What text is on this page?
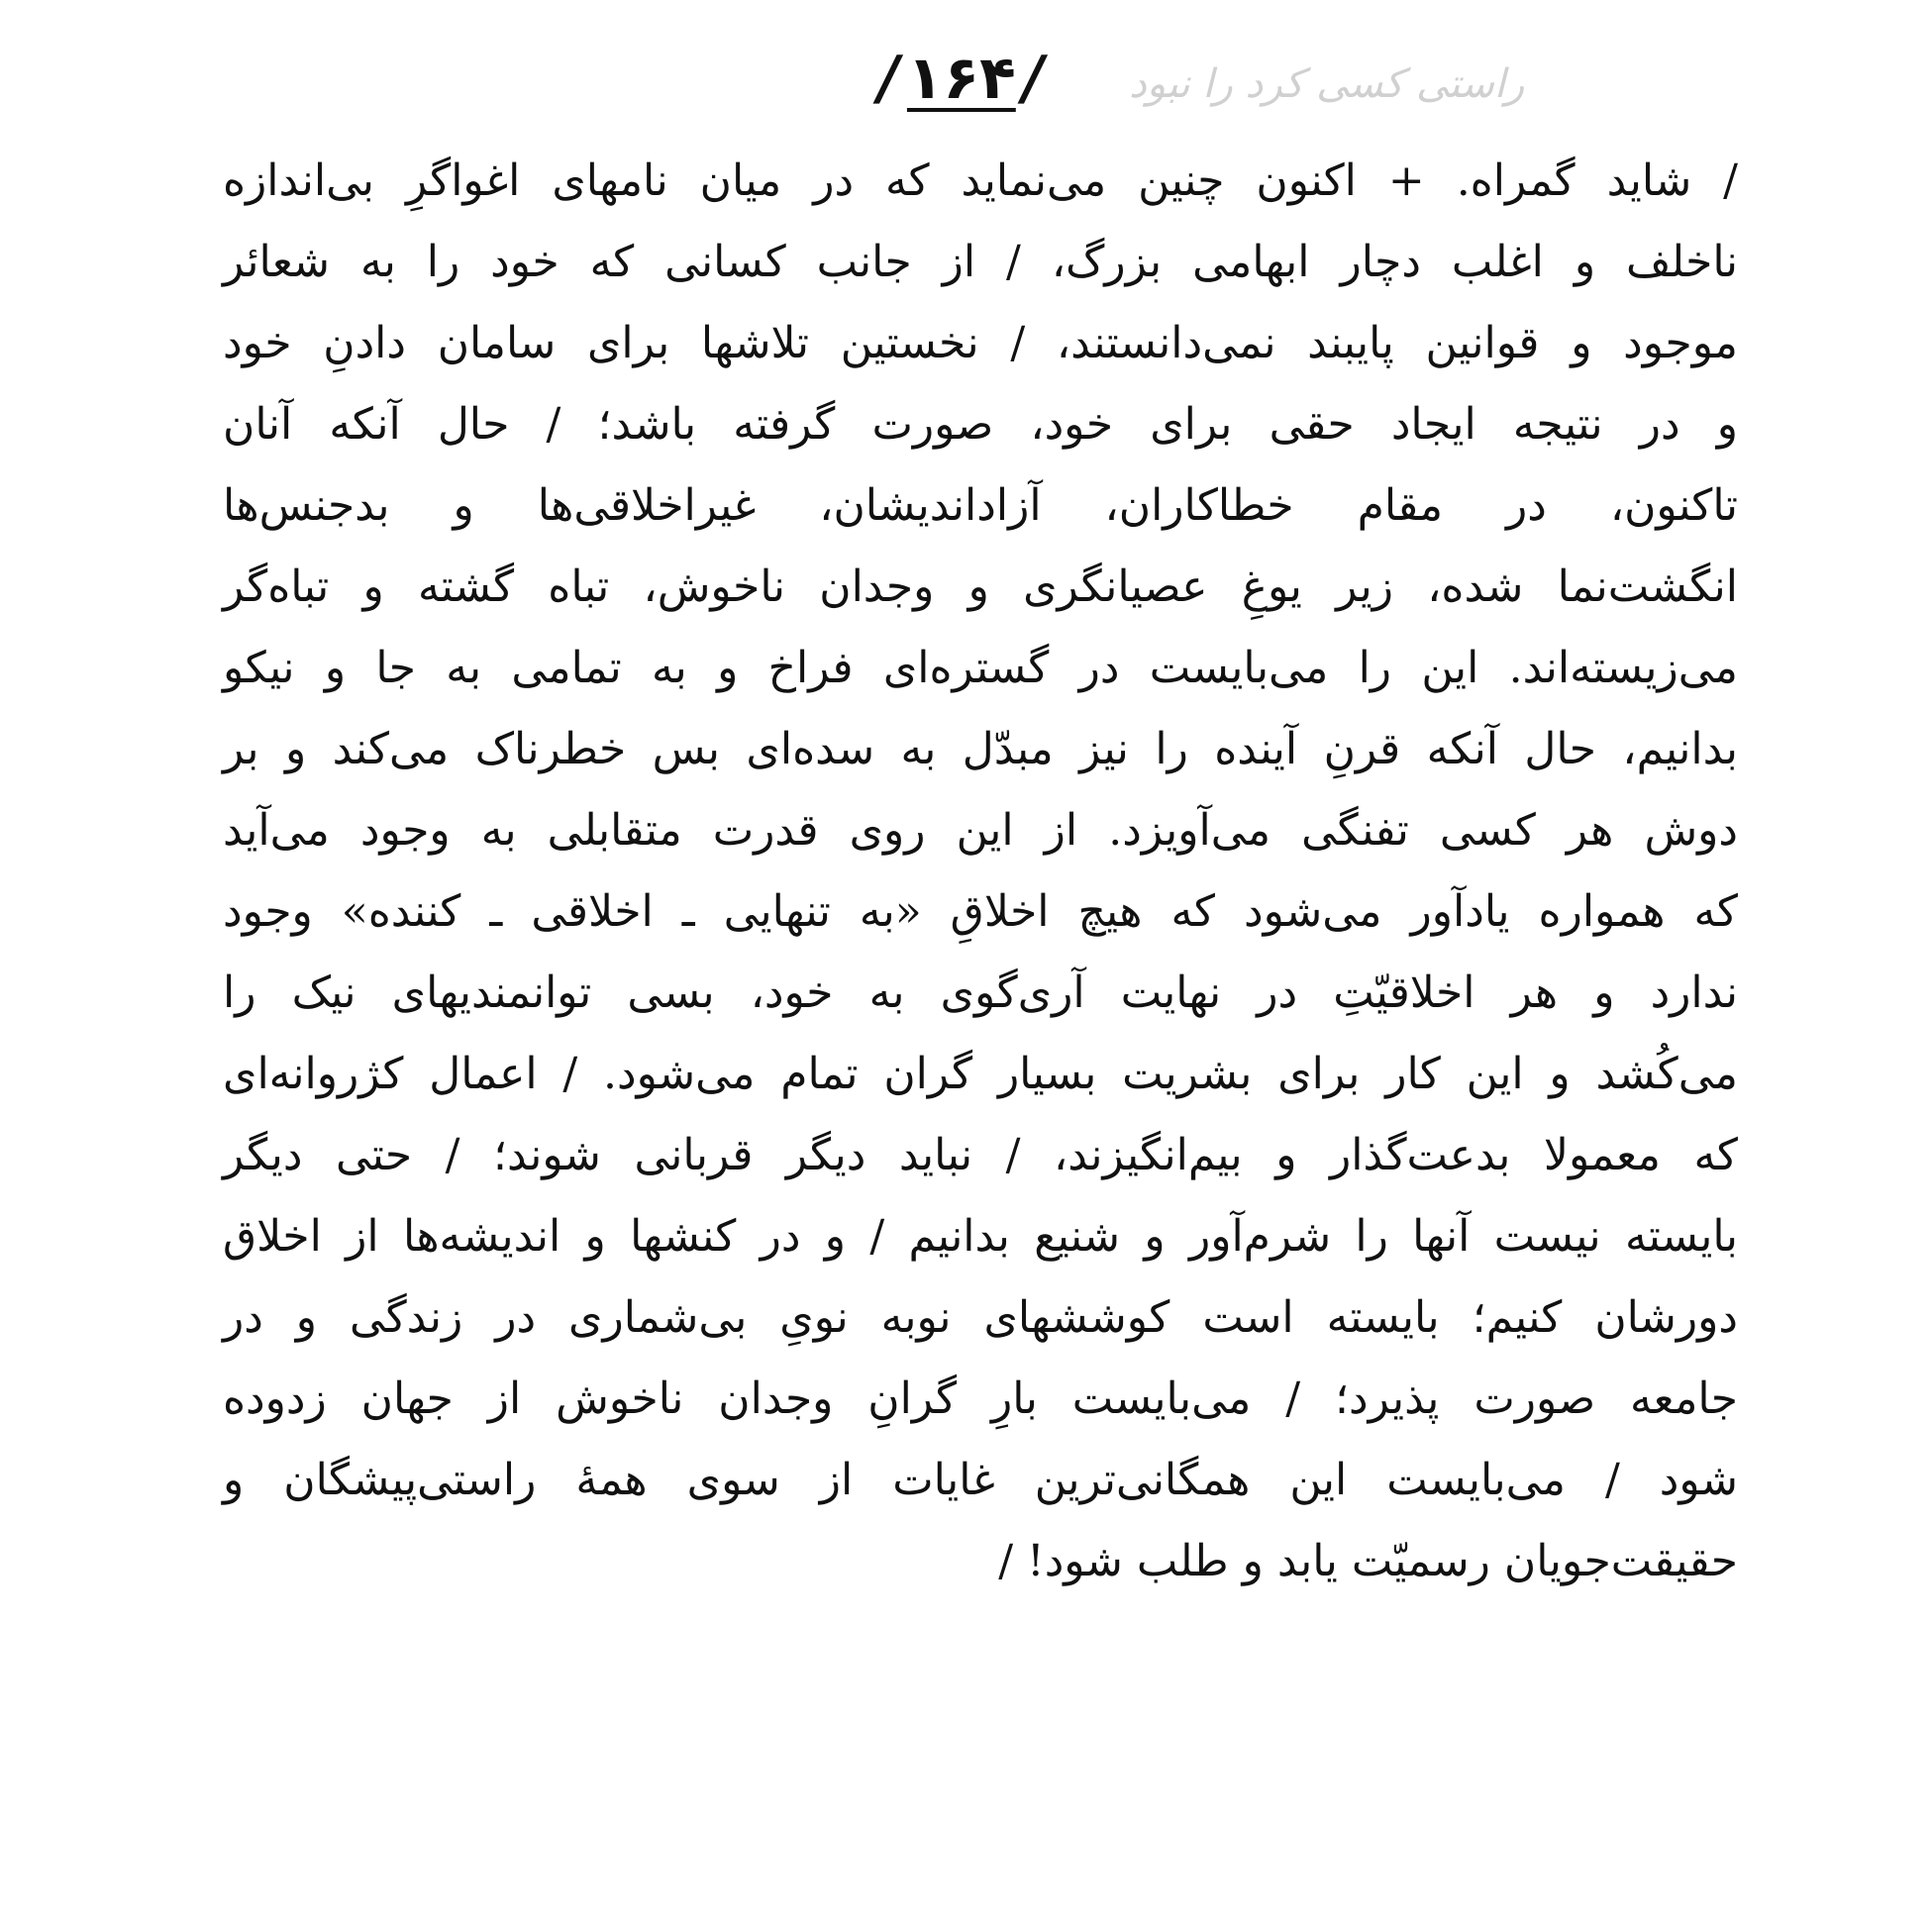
/۱۶۴/	راستی کسی کرد را نبود
/ شاید گمراه. + اکنون چنین می‌نماید که در میان نامهای اغواگرِ بی‌اندازه
ناخلف و اغلب دچار ابهامی بزرگ، / از جانب کسانی که خود را به شعائر
موجود و قوانین پایبند نمی‌دانستند، / نخستین تلاشها برای سامان دادنِ خود
و در نتیجه ایجاد حقی برای خود، صورت گرفته باشد؛ / حال آنکه آنان
تاکنون، در مقام خطاکاران، آزاداندیشان، غیراخلاقی‌ها و بدجنس‌ها
انگشت‌نما شده، زیر یوغِ عصیانگری و وجدان ناخوش، تباه گشته و تباه‌گر
می‌زیسته‌اند. این را می‌بایست در گستره‌ای فراخ و به تمامی به جا و نیکو
بدانیم، حال آنکه قرنِ آینده را نیز مبدّل به سده‌ای بس خطرناک می‌کند و بر
دوش هر کسی تفنگی می‌آویزد. از این روی قدرت متقابلی به وجود می‌آید
که همواره یادآور می‌شود که هیچ اخلاقِ «به تنهایی ـ اخلاقی ـ کننده» وجود
ندارد و هر اخلاقیّتِ در نهایت آری‌گوی به خود، بسی توانمندیهای نیک را
می‌کُشد و این کار برای بشریت بسیار گران تمام می‌شود. / اعمال کژروانه‌ای
که معمولا بدعت‌گذار و بیم‌انگیزند، / نباید دیگر قربانی شوند؛ / حتی دیگر
بایسته نیست آنها را شرم‌آور و شنیع بدانیم / و در کنشها و اندیشه‌ها از اخلاق
دورشان کنیم؛ بایسته است کوششهای نوبه نویِ بی‌شماری در زندگی و در
جامعه صورت پذیرد؛ / می‌بایست بارِ گرانِ وجدان ناخوش از جهان زدوده
شود / می‌بایست این همگانی‌ترین غایات از سوی همهٔ راستی‌پیشگان و
حقیقت‌جویان رسمیّت یابد و طلب شود! /
